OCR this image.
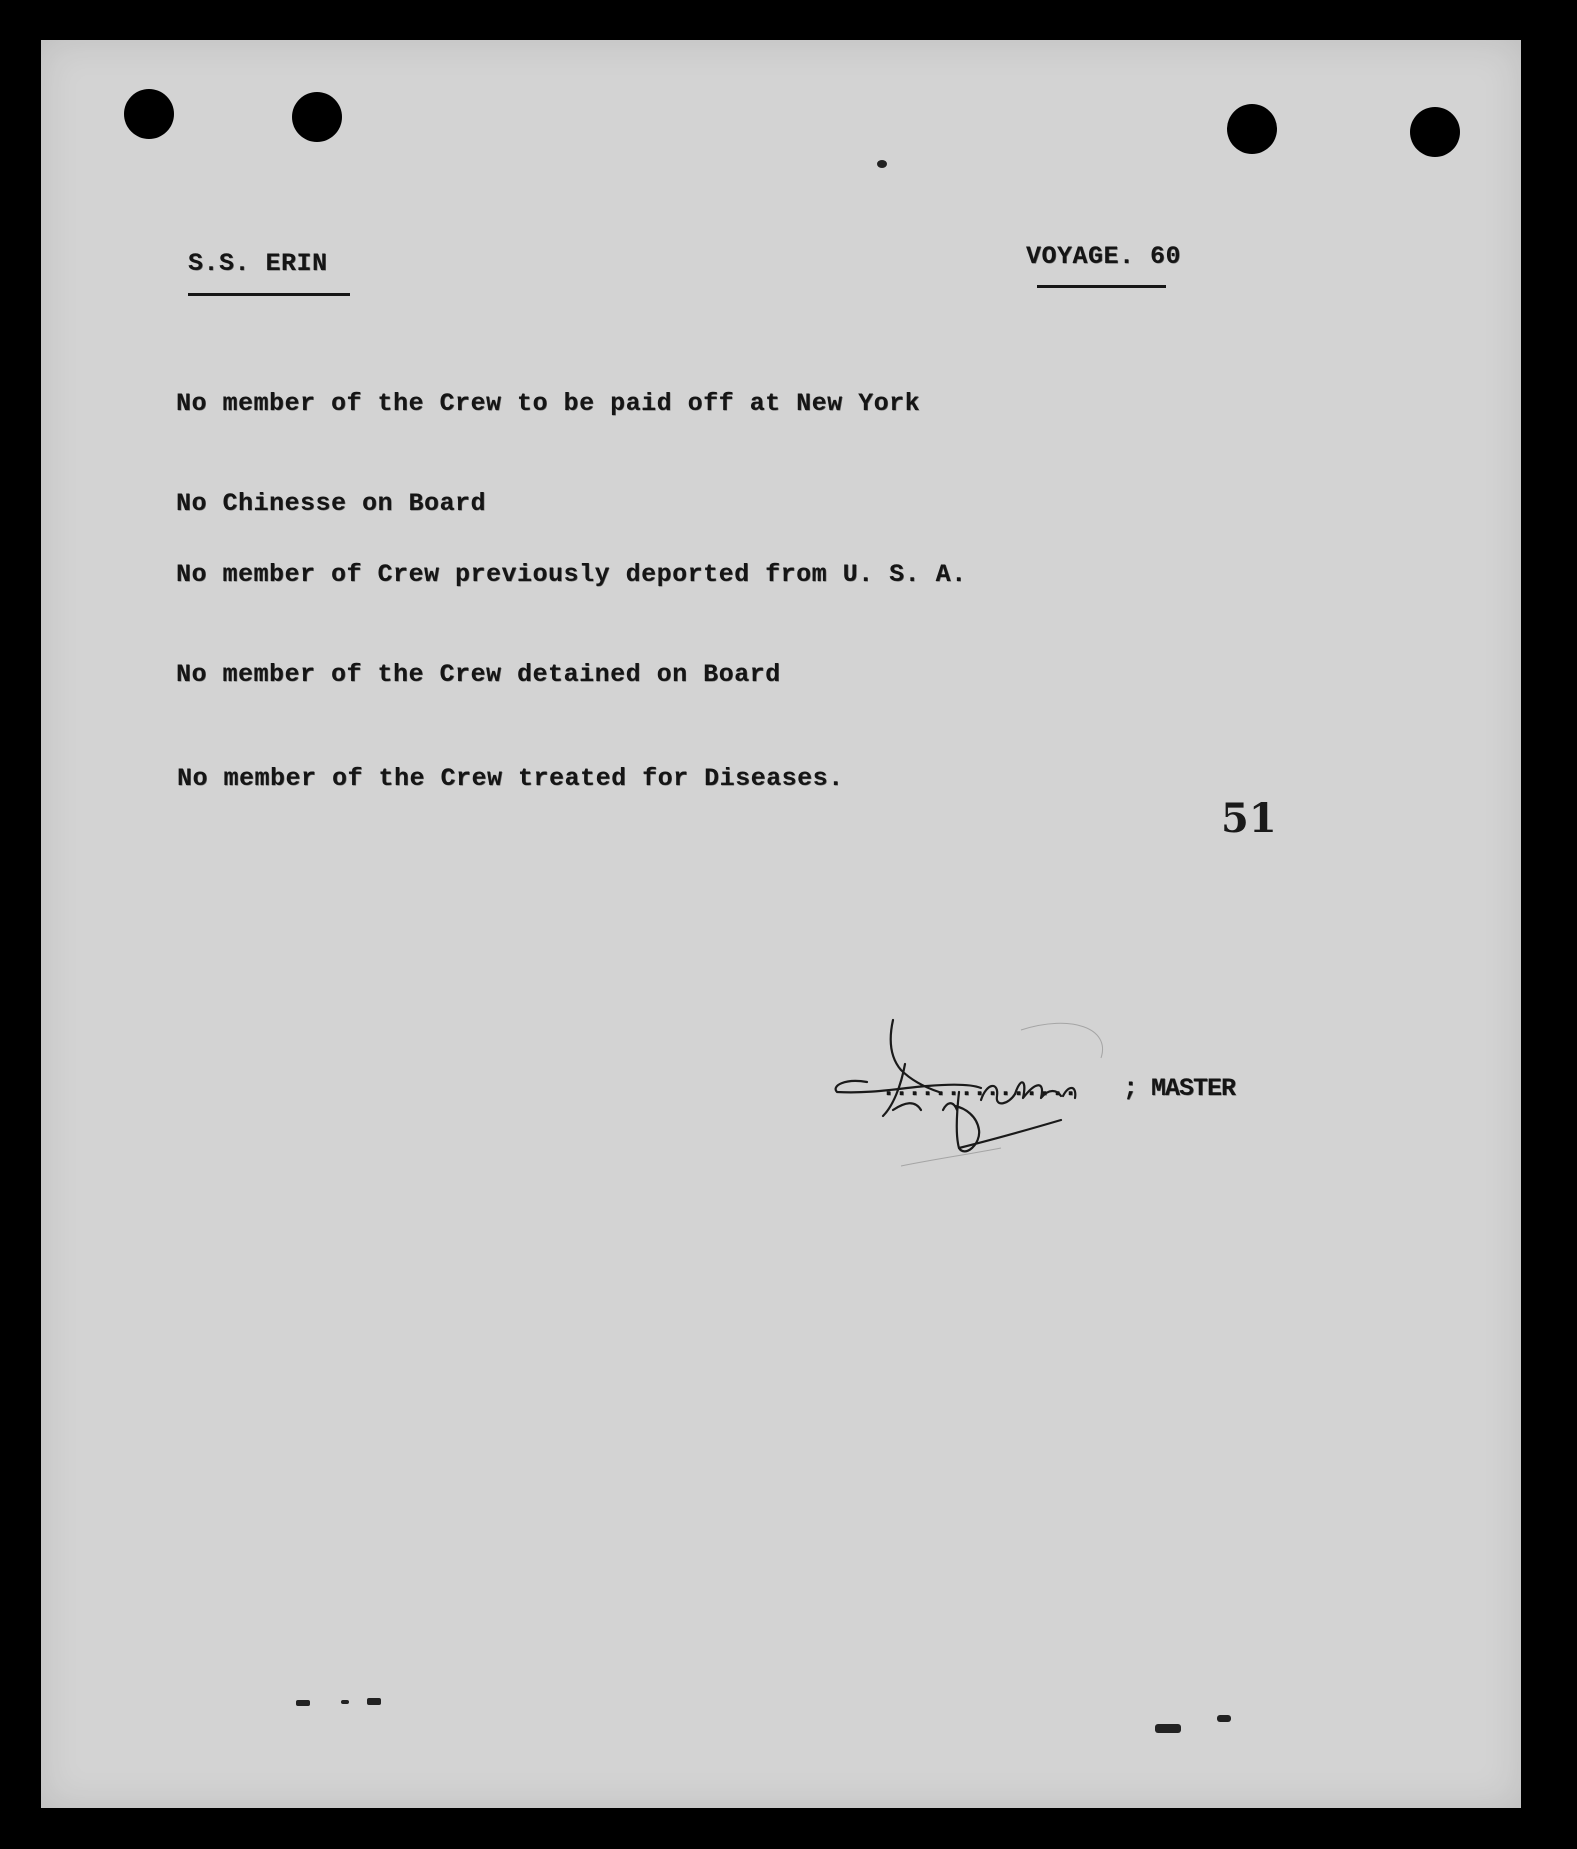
S.S. ERIN	VOYAGE. 60
No member of the Crew to be paid off at New York
No Chinesse on Board
No member of Crew previously deported from U. S. A.
No member of the Crew detained on Board
No member of the Crew treated for Diseases.
51
............... ; MASTER
